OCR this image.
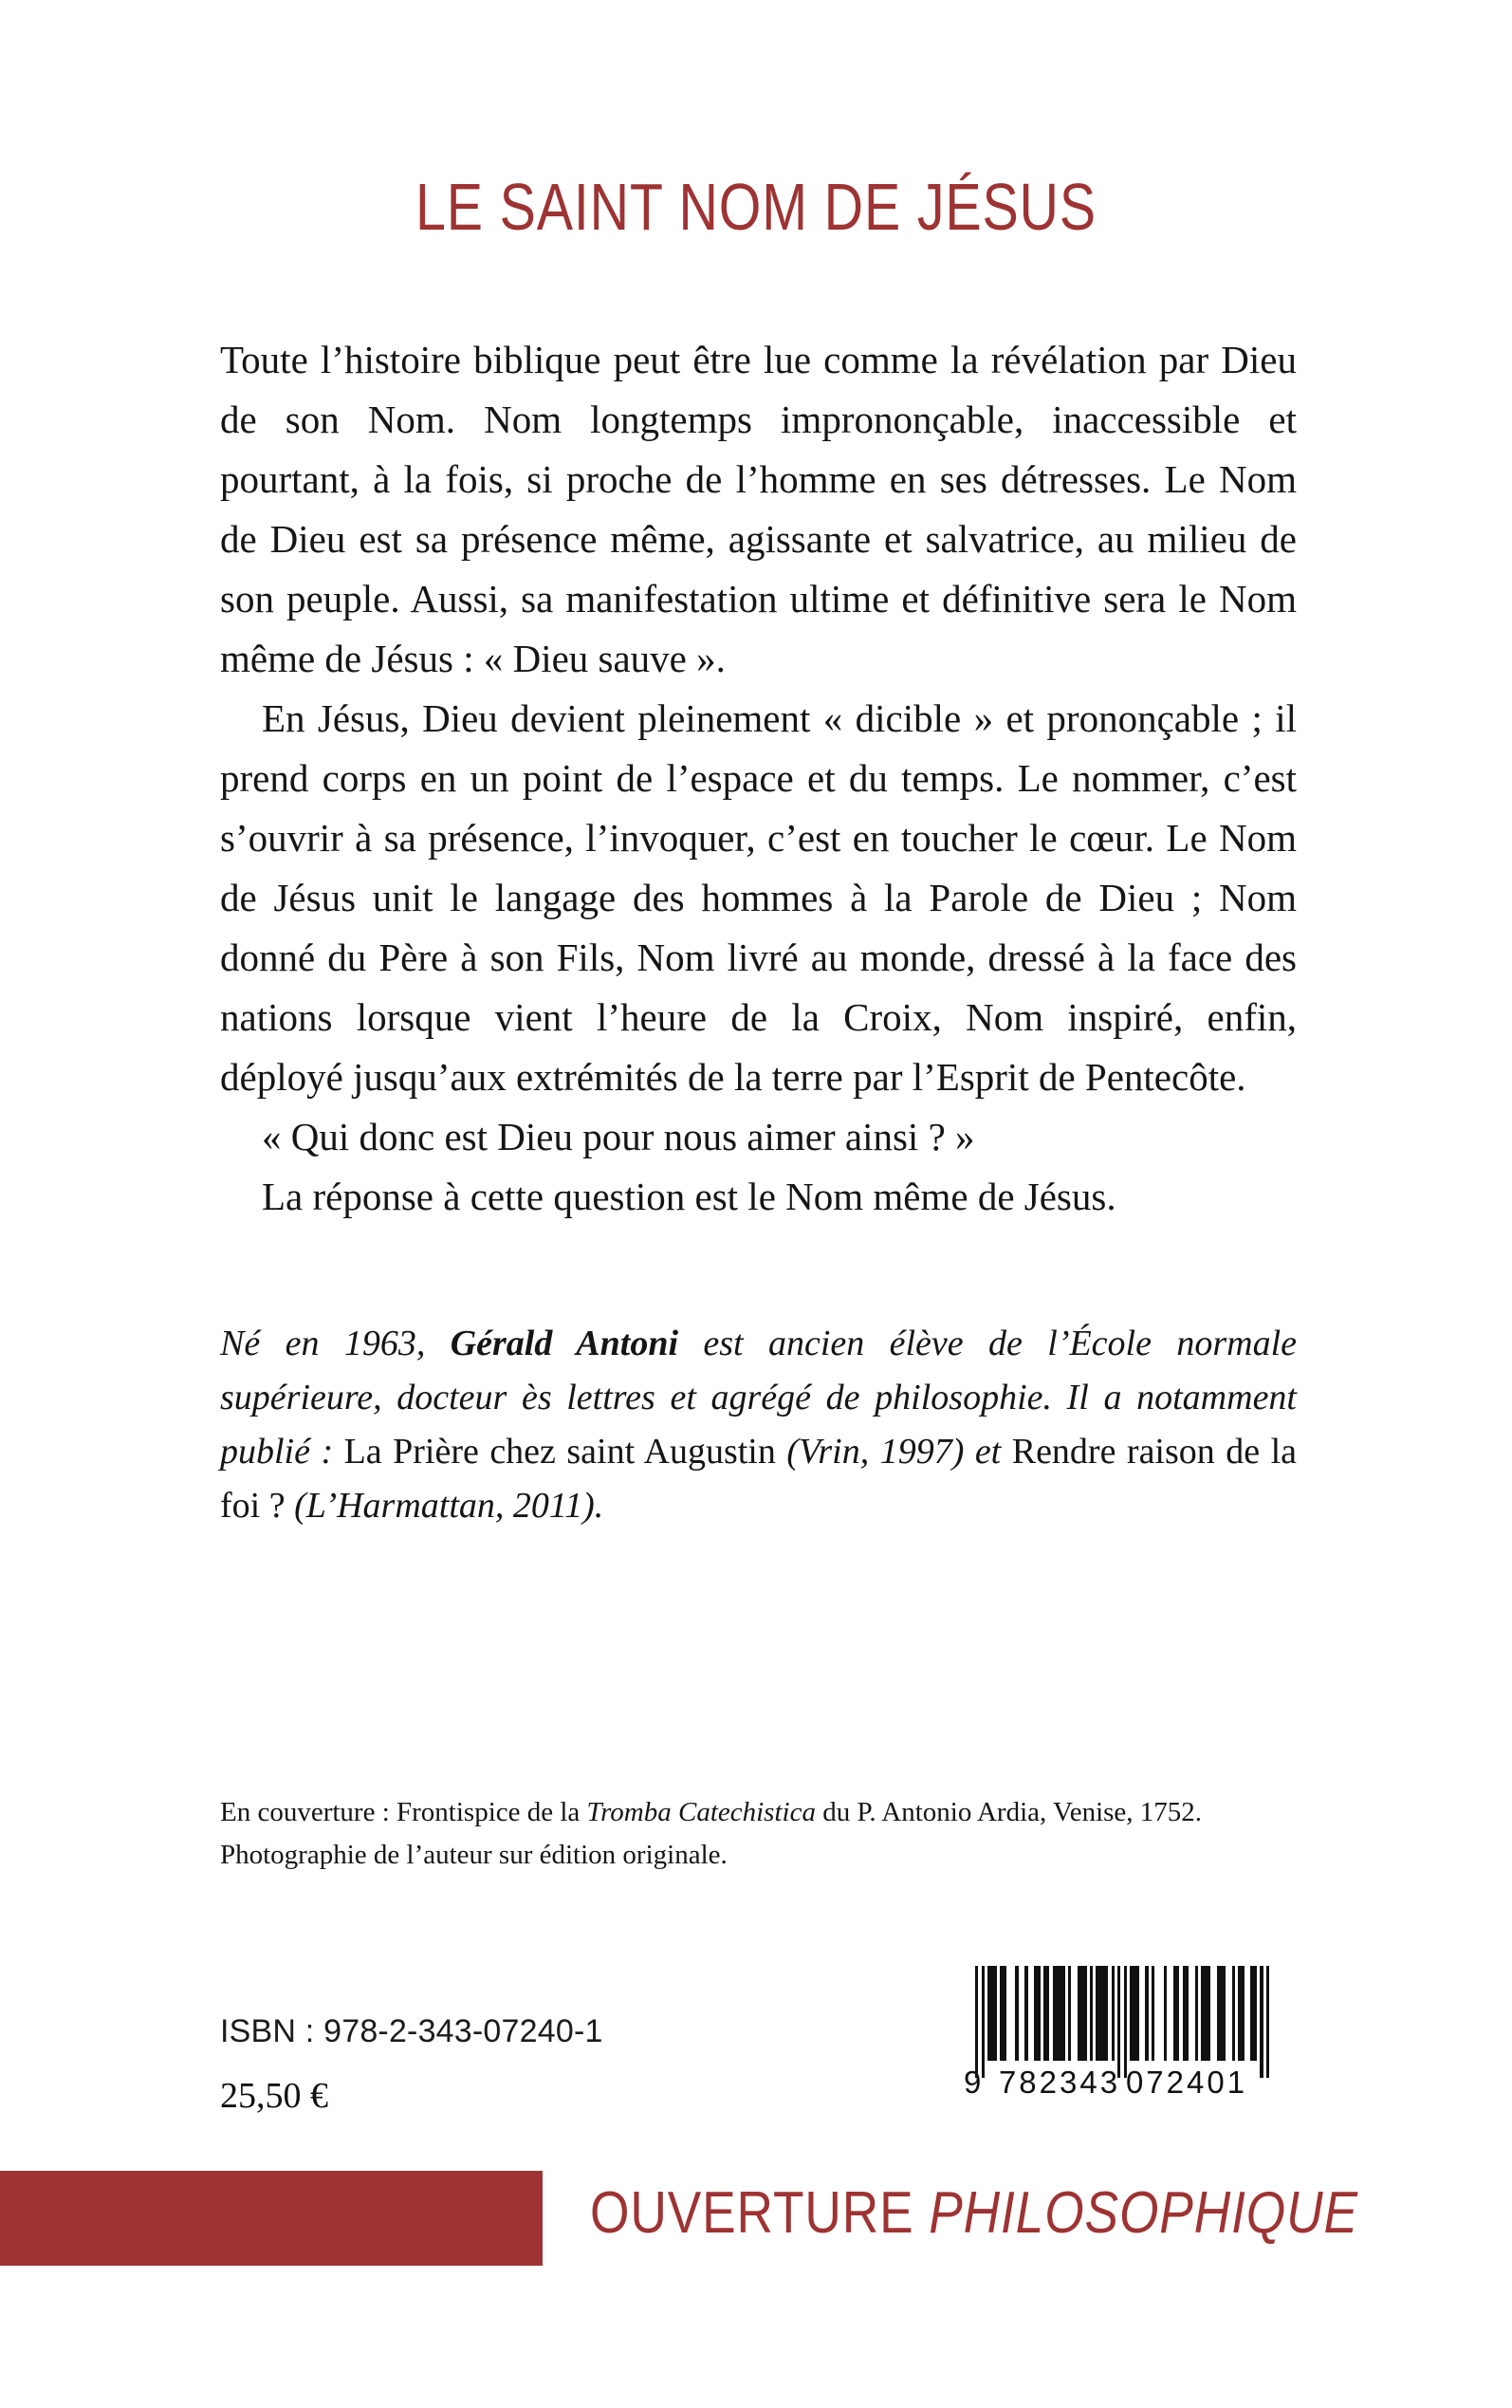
LE SAINT NOM DE JÉSUS

Toute l’histoire biblique peut être lue comme la révélation par Dieu de son Nom. Nom longtemps imprononçable, inaccessible et pourtant, à la fois, si proche de l’homme en ses détresses. Le Nom de Dieu est sa présence même, agissante et salvatrice, au milieu de son peuple. Aussi, sa manifestation ultime et définitive sera le Nom même de Jésus : « Dieu sauve ».

En Jésus, Dieu devient pleinement « dicible » et prononçable ; il prend corps en un point de l’espace et du temps. Le nommer, c’est s’ouvrir à sa présence, l’invoquer, c’est en toucher le cœur. Le Nom de Jésus unit le langage des hommes à la Parole de Dieu ; Nom donné du Père à son Fils, Nom livré au monde, dressé à la face des nations lorsque vient l’heure de la Croix, Nom inspiré, enfin, déployé jusqu’aux extrémités de la terre par l’Esprit de Pentecôte.

« Qui donc est Dieu pour nous aimer ainsi ? »

La réponse à cette question est le Nom même de Jésus.

Né en 1963, Gérald Antoni est ancien élève de l’École normale supérieure, docteur ès lettres et agrégé de philosophie. Il a notamment publié : La Prière chez saint Augustin (Vrin, 1997) et Rendre raison de la foi ? (L’Harmattan, 2011).
En couverture : Frontispice de la Tromba Catechistica du P. Antonio Ardia, Venise, 1752.
Photographie de l’auteur sur édition originale.
ISBN : 978-2-343-07240-1
25,50 €	9 782343 072401
OUVERTURE PHILOSOPHIQUE
